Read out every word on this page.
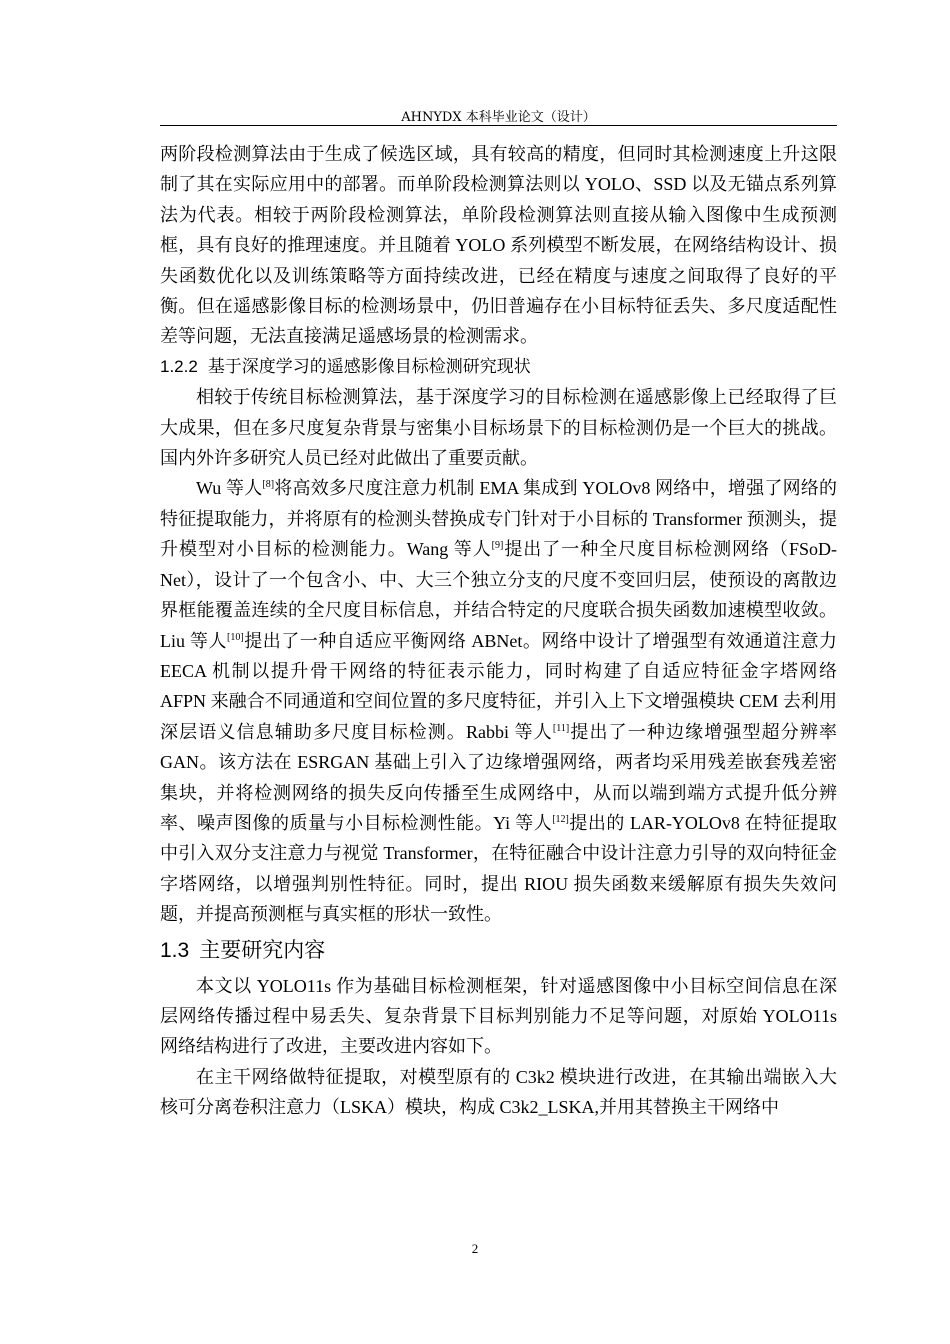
AHNYDX 本科毕业论文（设计）

两阶段检测算法由于生成了候选区域，具有较高的精度，但同时其检测速度上升这限制了其在实际应用中的部署。而单阶段检测算法则以 YOLO、SSD 以及无锚点系列算法为代表。相较于两阶段检测算法，单阶段检测算法则直接从输入图像中生成预测框，具有良好的推理速度。并且随着 YOLO 系列模型不断发展，在网络结构设计、损失函数优化以及训练策略等方面持续改进，已经在精度与速度之间取得了良好的平衡。但在遥感影像目标的检测场景中，仍旧普遍存在小目标特征丢失、多尺度适配性差等问题，无法直接满足遥感场景的检测需求。

1.2.2 基于深度学习的遥感影像目标检测研究现状

相较于传统目标检测算法，基于深度学习的目标检测在遥感影像上已经取得了巨大成果，但在多尺度复杂背景与密集小目标场景下的目标检测仍是一个巨大的挑战。国内外许多研究人员已经对此做出了重要贡献。

Wu 等人[8]将高效多尺度注意力机制 EMA 集成到 YOLOv8 网络中，增强了网络的特征提取能力，并将原有的检测头替换成专门针对于小目标的 Transformer 预测头，提升模型对小目标的检测能力。Wang 等人[9]提出了一种全尺度目标检测网络（FSoD-Net），设计了一个包含小、中、大三个独立分支的尺度不变回归层，使预设的离散边界框能覆盖连续的全尺度目标信息，并结合特定的尺度联合损失函数加速模型收敛。Liu 等人[10]提出了一种自适应平衡网络 ABNet。网络中设计了增强型有效通道注意力 EECA 机制以提升骨干网络的特征表示能力，同时构建了自适应特征金字塔网络 AFPN 来融合不同通道和空间位置的多尺度特征，并引入上下文增强模块 CEM 去利用深层语义信息辅助多尺度目标检测。Rabbi 等人[11]提出了一种边缘增强型超分辨率 GAN。该方法在 ESRGAN 基础上引入了边缘增强网络，两者均采用残差嵌套残差密集块，并将检测网络的损失反向传播至生成网络中，从而以端到端方式提升低分辨率、噪声图像的质量与小目标检测性能。Yi 等人[12]提出的 LAR-YOLOv8 在特征提取中引入双分支注意力与视觉 Transformer，在特征融合中设计注意力引导的双向特征金字塔网络，以增强判别性特征。同时，提出 RIOU 损失函数来缓解原有损失失效问题，并提高预测框与真实框的形状一致性。

1.3 主要研究内容

本文以 YOLO11s 作为基础目标检测框架，针对遥感图像中小目标空间信息在深层网络传播过程中易丢失、复杂背景下目标判别能力不足等问题，对原始 YOLO11s 网络结构进行了改进，主要改进内容如下。

在主干网络做特征提取，对模型原有的 C3k2 模块进行改进，在其输出端嵌入大核可分离卷积注意力（LSKA）模块，构成 C3k2_LSKA,并用其替换主干网络中

2
